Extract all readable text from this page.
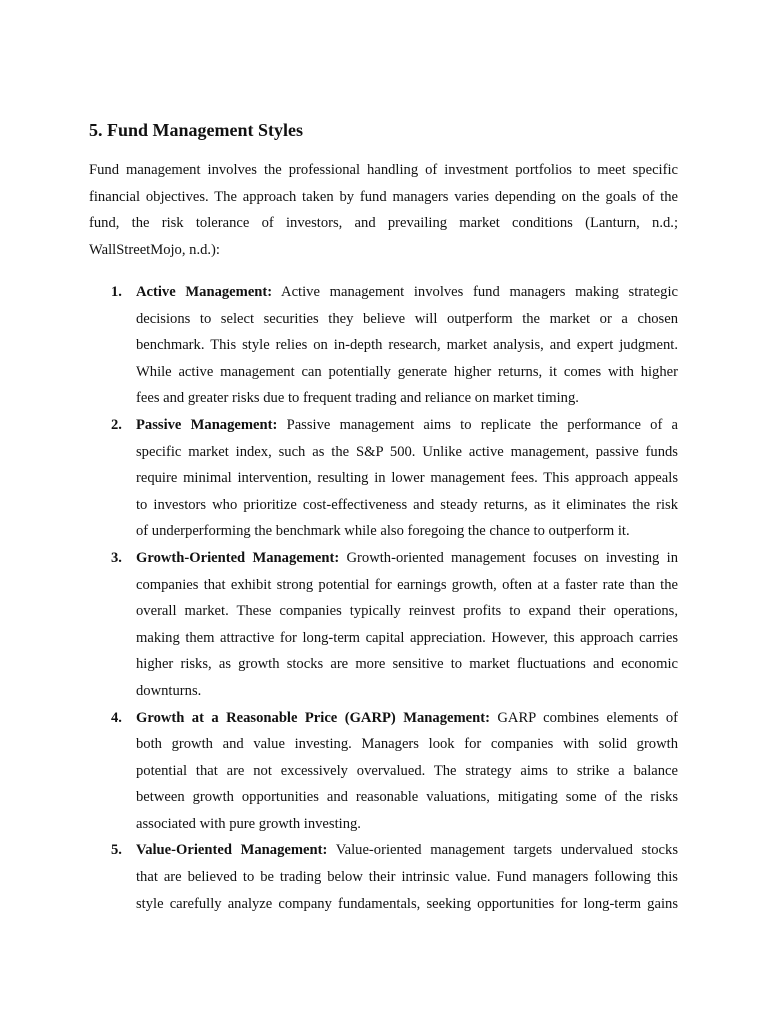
5. Fund Management Styles
Fund management involves the professional handling of investment portfolios to meet specific
financial objectives. The approach taken by fund managers varies depending on the goals of the
fund, the risk tolerance of investors, and prevailing market conditions (Lanturn, n.d.;
WallStreetMojo, n.d.):
1. Active Management: Active management involves fund managers making strategic
decisions to select securities they believe will outperform the market or a chosen
benchmark. This style relies on in-depth research, market analysis, and expert judgment.
While active management can potentially generate higher returns, it comes with higher
fees and greater risks due to frequent trading and reliance on market timing.
2. Passive Management: Passive management aims to replicate the performance of a
specific market index, such as the S&P 500. Unlike active management, passive funds
require minimal intervention, resulting in lower management fees. This approach appeals
to investors who prioritize cost-effectiveness and steady returns, as it eliminates the risk
of underperforming the benchmark while also foregoing the chance to outperform it.
3. Growth-Oriented Management: Growth-oriented management focuses on investing in
companies that exhibit strong potential for earnings growth, often at a faster rate than the
overall market. These companies typically reinvest profits to expand their operations,
making them attractive for long-term capital appreciation. However, this approach carries
higher risks, as growth stocks are more sensitive to market fluctuations and economic
downturns.
4. Growth at a Reasonable Price (GARP) Management: GARP combines elements of
both growth and value investing. Managers look for companies with solid growth
potential that are not excessively overvalued. The strategy aims to strike a balance
between growth opportunities and reasonable valuations, mitigating some of the risks
associated with pure growth investing.
5. Value-Oriented Management: Value-oriented management targets undervalued stocks
that are believed to be trading below their intrinsic value. Fund managers following this
style carefully analyze company fundamentals, seeking opportunities for long-term gains
